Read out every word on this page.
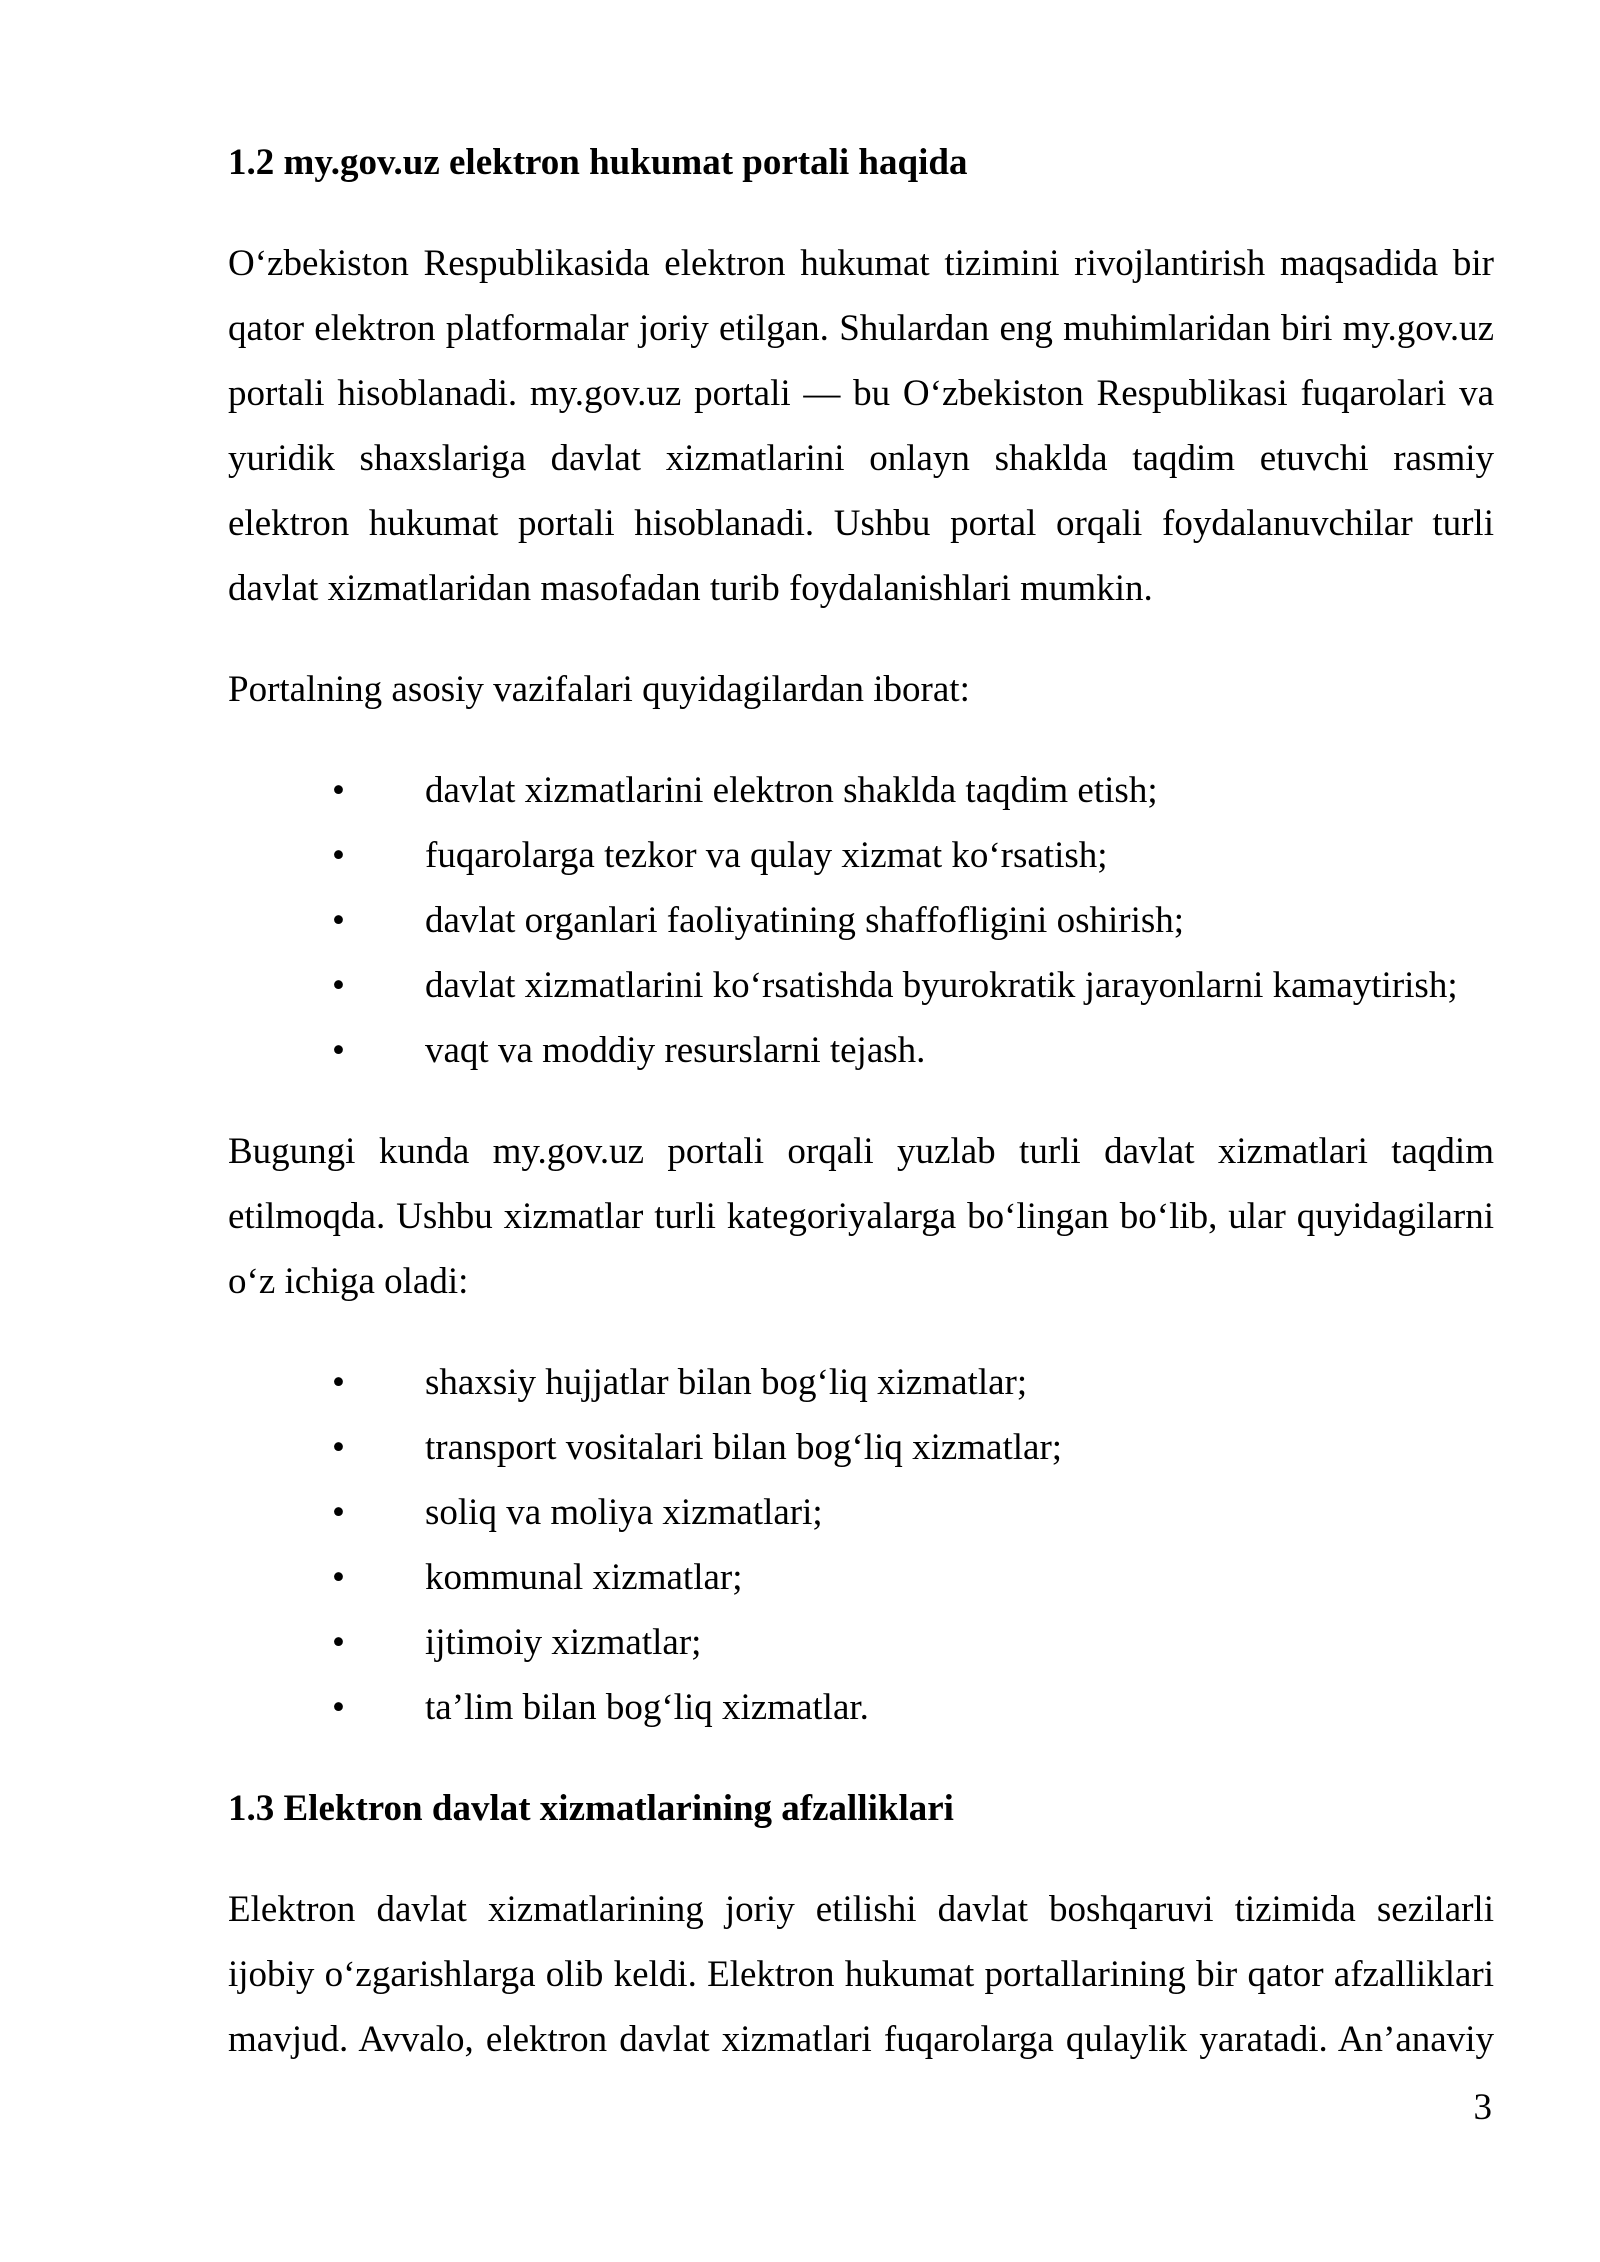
1.2 my.gov.uz elektron hukumat portali haqida

Oʻzbekiston Respublikasida elektron hukumat tizimini rivojlantirish maqsadida bir qator elektron platformalar joriy etilgan. Shulardan eng muhimlaridan biri my.gov.uz portali hisoblanadi. my.gov.uz portali — bu Oʻzbekiston Respublikasi fuqarolari va yuridik shaxslariga davlat xizmatlarini onlayn shaklda taqdim etuvchi rasmiy elektron hukumat portali hisoblanadi. Ushbu portal orqali foydalanuvchilar turli davlat xizmatlaridan masofadan turib foydalanishlari mumkin.

Portalning asosiy vazifalari quyidagilardan iborat:

• davlat xizmatlarini elektron shaklda taqdim etish;
• fuqarolarga tezkor va qulay xizmat koʻrsatish;
• davlat organlari faoliyatining shaffofligini oshirish;
• davlat xizmatlarini koʻrsatishda byurokratik jarayonlarni kamaytirish;
• vaqt va moddiy resurslarni tejash.

Bugungi kunda my.gov.uz portali orqali yuzlab turli davlat xizmatlari taqdim etilmoqda. Ushbu xizmatlar turli kategoriyalarga boʻlingan boʻlib, ular quyidagilarni oʻz ichiga oladi:

• shaxsiy hujjatlar bilan bogʻliq xizmatlar;
• transport vositalari bilan bogʻliq xizmatlar;
• soliq va moliya xizmatlari;
• kommunal xizmatlar;
• ijtimoiy xizmatlar;
• taʼlim bilan bogʻliq xizmatlar.
1.3 Elektron davlat xizmatlarining afzalliklari

Elektron davlat xizmatlarining joriy etilishi davlat boshqaruvi tizimida sezilarli ijobiy oʻzgarishlarga olib keldi. Elektron hukumat portallarining bir qator afzalliklari mavjud. Avvalo, elektron davlat xizmatlari fuqarolarga qulaylik yaratadi. Anʼanaviy

3
